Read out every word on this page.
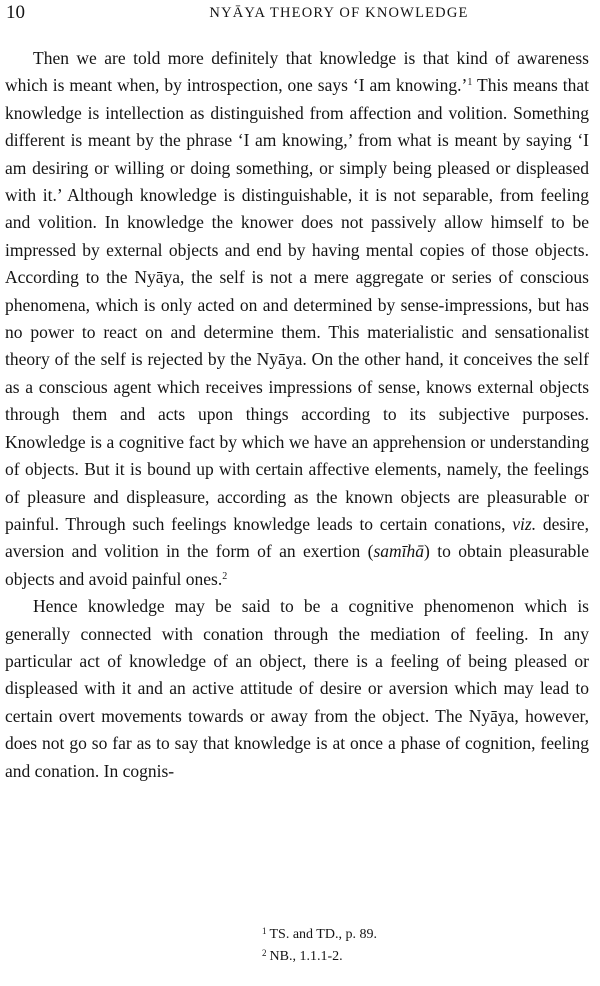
10	NYĀYA THEORY OF KNOWLEDGE

Then we are told more definitely that knowledge is that kind of awareness which is meant when, by introspection, one says ‘I am knowing.’$^1$ This means that knowledge is intellection as distinguished from affection and volition. Something different is meant by the phrase ‘I am knowing,’ from what is meant by saying ‘I am desiring or willing or doing something, or simply being pleased or displeased with it.’ Although knowledge is distinguishable, it is not separable, from feeling and volition. In knowledge the knower does not passively allow himself to be impressed by external objects and end by having mental copies of those objects. According to the Nyāya, the self is not a mere aggregate or series of conscious phenomena, which is only acted on and determined by sense-impressions, but has no power to react on and determine them. This materialistic and sensationalist theory of the self is rejected by the Nyāya. On the other hand, it conceives the self as a conscious agent which receives impressions of sense, knows external objects through them and acts upon things according to its subjective purposes. Knowledge is a cognitive fact by which we have an apprehension or understanding of objects. But it is bound up with certain affective elements, namely, the feelings of pleasure and displeasure, according as the known objects are pleasurable or painful. Through such feelings knowledge leads to certain conations, viz. desire, aversion and volition in the form of an exertion (samīhā) to obtain pleasurable objects and avoid painful ones.$^2$

Hence knowledge may be said to be a cognitive phenomenon which is generally connected with conation through the mediation of feeling. In any particular act of knowledge of an object, there is a feeling of being pleased or displeased with it and an active attitude of desire or aversion which may lead to certain overt movements towards or away from the object. The Nyāya, however, does not go so far as to say that knowledge is at once a phase of cognition, feeling and conation. In cognis-

$^1$ TS. and TD., p. 89.
$^2$ NB., 1.1.1-2.
